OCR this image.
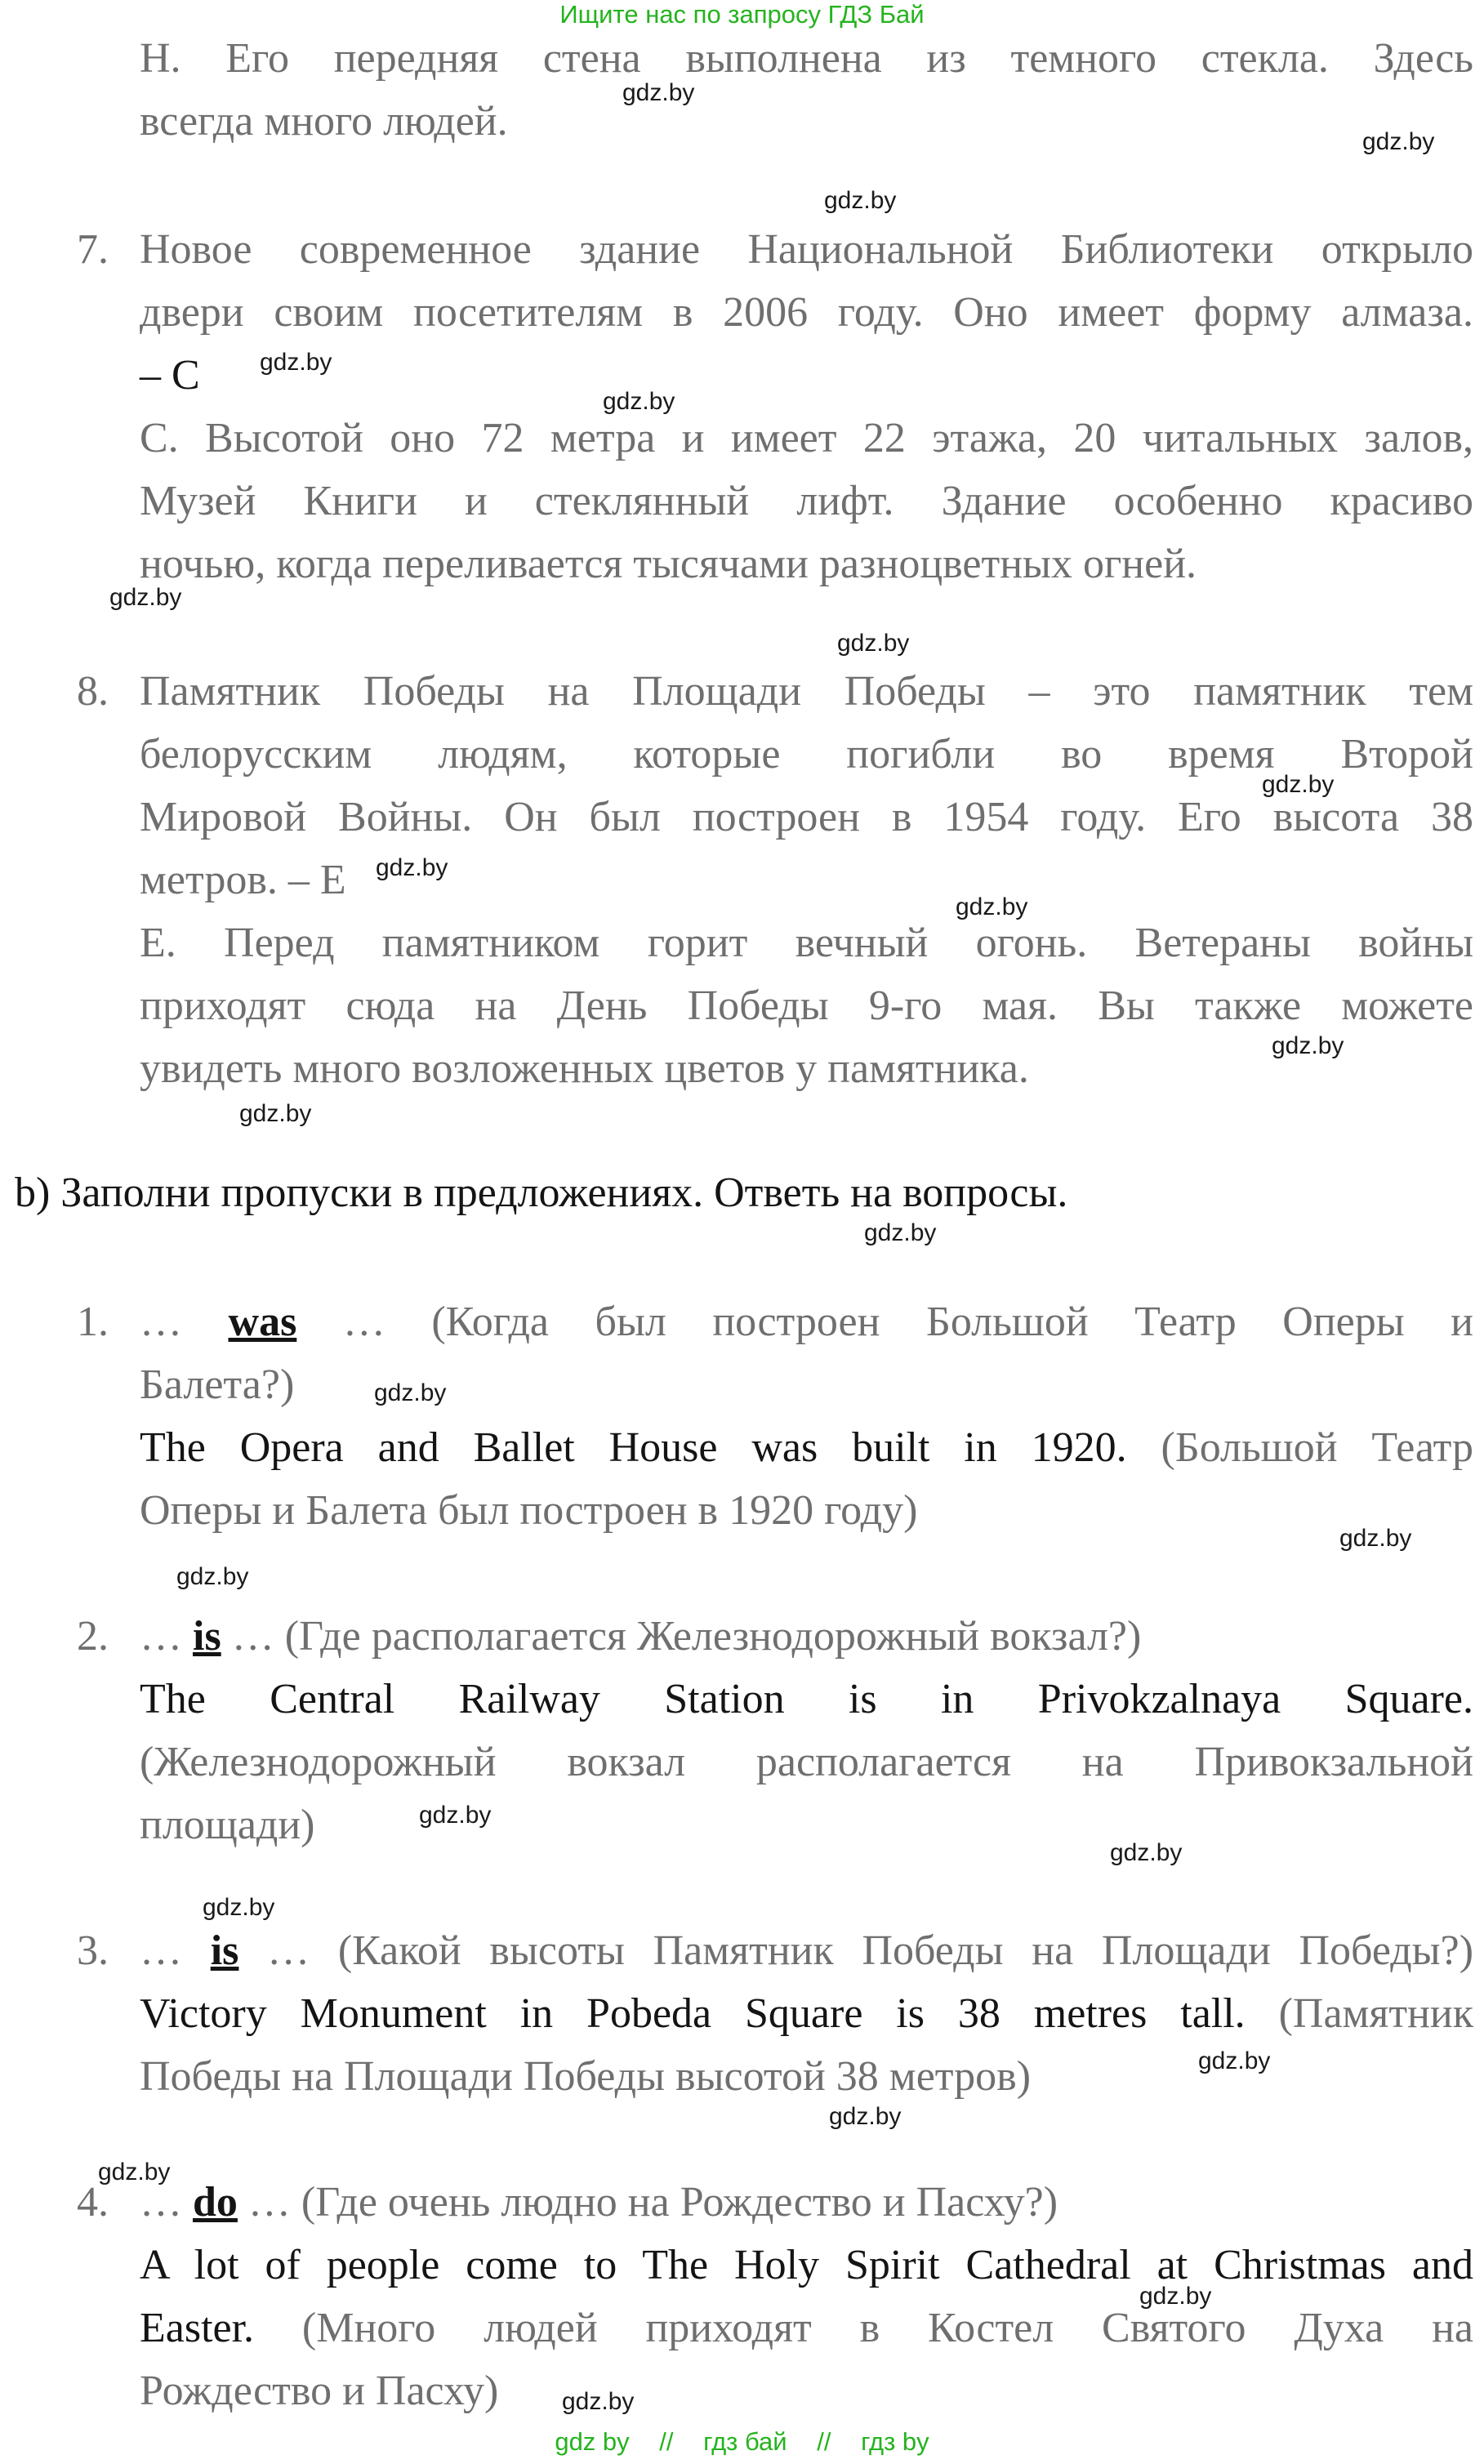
Ищите нас по запросу ГДЗ Бай
H. Его передняя стена выполнена из темного стекла. Здесь
всегда много людей.
7. Новое современное здание Национальной Библиотеки открыло
двери своим посетителям в 2006 году. Оно имеет форму алмаза.
– С
С. Высотой оно 72 метра и имеет 22 этажа, 20 читальных залов,
Музей Книги и стеклянный лифт. Здание особенно красиво
ночью, когда переливается тысячами разноцветных огней.
8. Памятник Победы на Площади Победы – это памятник тем
белорусским людям, которые погибли во время Второй
Мировой Войны. Он был построен в 1954 году. Его высота 38
метров. – Е
Е. Перед памятником горит вечный огонь. Ветераны войны
приходят сюда на День Победы 9-го мая. Вы также можете
увидеть много возложенных цветов у памятника.
b) Заполни пропуски в предложениях. Ответь на вопросы.
1. … was … (Когда был построен Большой Театр Оперы и
Балета?)
The Opera and Ballet House was built in 1920. (Большой Театр
Оперы и Балета был построен в 1920 году)
2. … is … (Где располагается Железнодорожный вокзал?)
The Central Railway Station is in Privokzalnaya Square.
(Железнодорожный вокзал располагается на Привокзальной
площади)
3. … is … (Какой высоты Памятник Победы на Площади Победы?)
Victory Monument in Pobeda Square is 38 metres tall. (Памятник
Победы на Площади Победы высотой 38 метров)
4. … do … (Где очень людно на Рождество и Пасху?)
A lot of people come to The Holy Spirit Cathedral at Christmas and
Easter. (Много людей приходят в Костел Святого Духа на
Рождество и Пасху)
gdz.by
gdz.by
gdz.by
gdz.by
gdz.by
gdz.by
gdz.by
gdz.by
gdz.by
gdz.by
gdz.by
gdz.by
gdz.by
gdz.by
gdz.by
gdz.by
gdz.by
gdz.by
gdz.by
gdz.by
gdz.by
gdz.by
gdz.by
gdz.by
gdz by // гдз бай // гдз by
